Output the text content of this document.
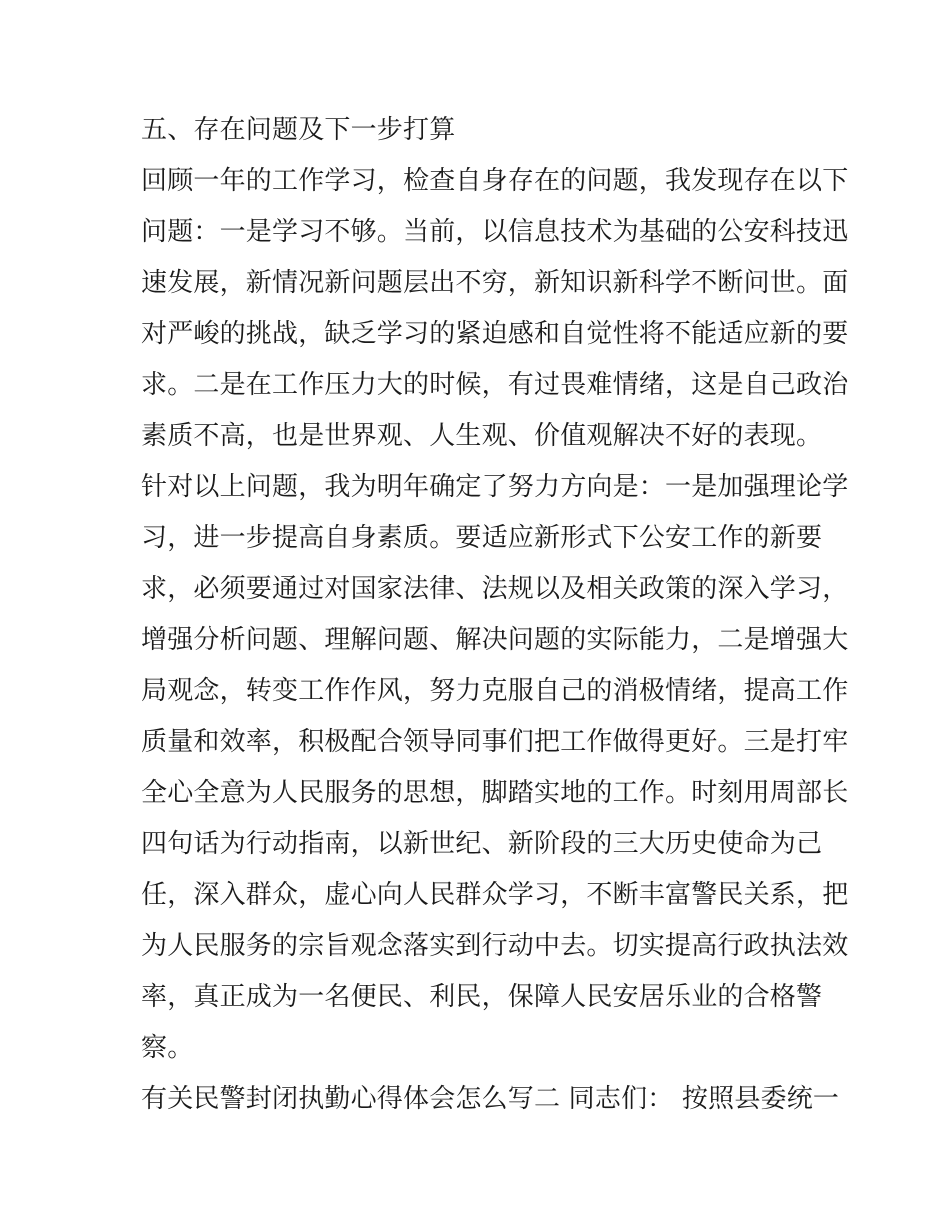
五、存在问题及下一步打算
回顾一年的工作学习，检查自身存在的问题，我发现存在以下
问题：一是学习不够。当前，以信息技术为基础的公安科技迅
速发展，新情况新问题层出不穷，新知识新科学不断问世。面
对严峻的挑战，缺乏学习的紧迫感和自觉性将不能适应新的要
求。二是在工作压力大的时候，有过畏难情绪，这是自己政治
素质不高，也是世界观、人生观、价值观解决不好的表现。
针对以上问题，我为明年确定了努力方向是：一是加强理论学
习，进一步提高自身素质。要适应新形式下公安工作的新要
求，必须要通过对国家法律、法规以及相关政策的深入学习，
增强分析问题、理解问题、解决问题的实际能力，二是增强大
局观念，转变工作作风，努力克服自己的消极情绪，提高工作
质量和效率，积极配合领导同事们把工作做得更好。三是打牢
全心全意为人民服务的思想，脚踏实地的工作。时刻用周部长
四句话为行动指南，以新世纪、新阶段的三大历史使命为己
任，深入群众，虚心向人民群众学习，不断丰富警民关系，把
为人民服务的宗旨观念落实到行动中去。切实提高行政执法效
率，真正成为一名便民、利民，保障人民安居乐业的合格警
察。
有关民警封闭执勤心得体会怎么写二 同志们： 按照县委统一
